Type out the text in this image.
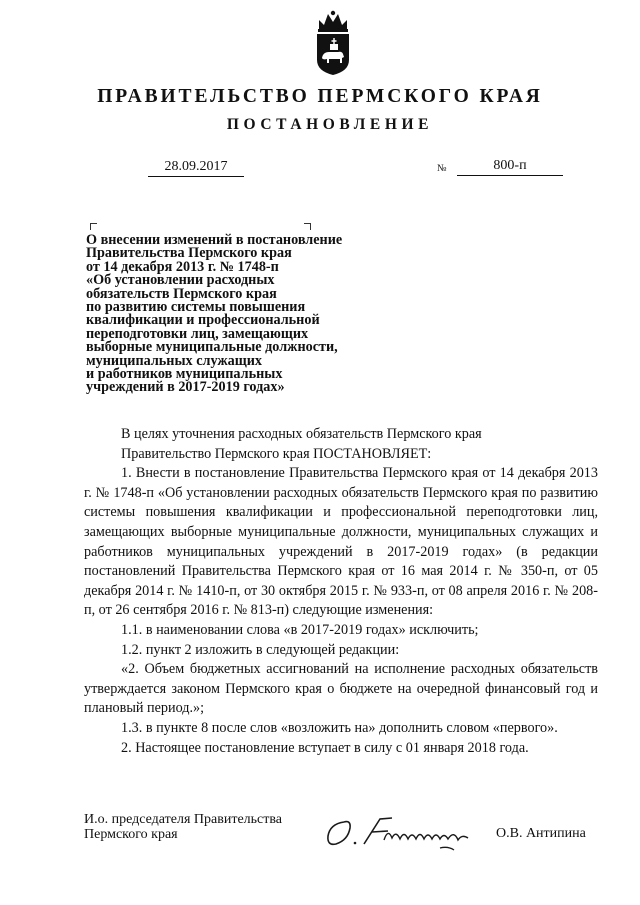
ПРАВИТЕЛЬСТВО ПЕРМСКОГО КРАЯ
ПОСТАНОВЛЕНИЕ
28.09.2017	№	800-п
О внесении изменений в постановление
Правительства Пермского края
от 14 декабря 2013 г. № 1748-п
«Об установлении расходных
обязательств Пермского края
по развитию системы повышения
квалификации и профессиональной
переподготовки лиц, замещающих
выборные муниципальные должности,
муниципальных служащих
и работников муниципальных
учреждений в 2017-2019 годах»
В целях уточнения расходных обязательств Пермского края
Правительство Пермского края ПОСТАНОВЛЯЕТ:
1. Внести в постановление Правительства Пермского края от 14 декабря 2013 г. № 1748-п «Об установлении расходных обязательств Пермского края по развитию системы повышения квалификации и профессиональной переподготовки лиц, замещающих выборные муниципальные должности, муниципальных служащих и работников муниципальных учреждений в 2017-2019 годах» (в редакции постановлений Правительства Пермского края от 16 мая 2014 г. № 350-п, от 05 декабря 2014 г. № 1410-п, от 30 октября 2015 г. № 933-п, от 08 апреля 2016 г. № 208-п, от 26 сентября 2016 г. № 813-п) следующие изменения:
1.1. в наименовании слова «в 2017-2019 годах» исключить;
1.2. пункт 2 изложить в следующей редакции:
«2. Объем бюджетных ассигнований на исполнение расходных обязательств утверждается законом Пермского края о бюджете на очередной финансовый год и плановый период.»;
1.3. в пункте 8 после слов «возложить на» дополнить словом «первого».
2. Настоящее постановление вступает в силу с 01 января 2018 года.
И.о. председателя Правительства
Пермского края	О.В. Антипина
